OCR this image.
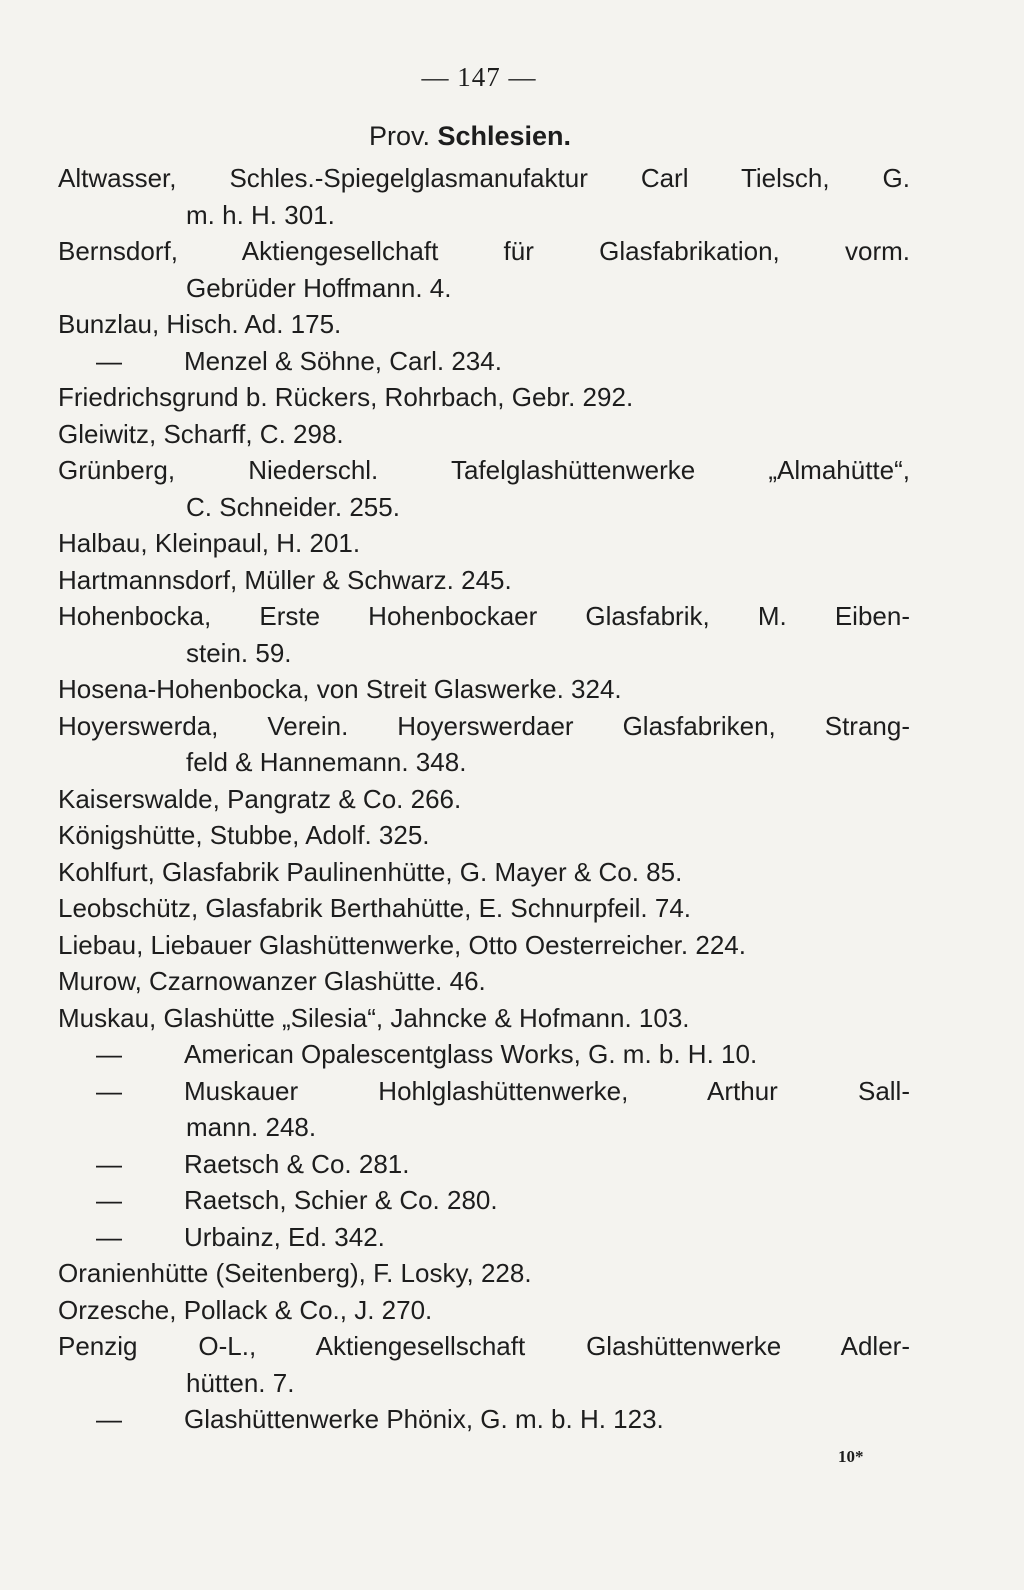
— 147 —
Prov. Schlesien.

Altwasser, Schles.-Spiegelglasmanufaktur Carl Tielsch, G.

m. h. H. 301.

Bernsdorf, Aktiengesellchaft für Glasfabrikation, vorm.

Gebrüder Hoffmann. 4.

Bunzlau, Hisch. Ad. 175.

—	Menzel & Söhne, Carl. 234.

Friedrichsgrund b. Rückers, Rohrbach, Gebr. 292.

Gleiwitz, Scharff, C. 298.

Grünberg, Niederschl. Tafelglashüttenwerke „Almahütte“,

C. Schneider. 255.

Halbau, Kleinpaul, H. 201.

Hartmannsdorf, Müller & Schwarz. 245.

Hohenbocka, Erste Hohenbockaer Glasfabrik, M. Eiben-

stein. 59.

Hosena-Hohenbocka, von Streit Glaswerke. 324.

Hoyerswerda, Verein. Hoyerswerdaer Glasfabriken, Strang-

feld & Hannemann. 348.

Kaiserswalde, Pangratz & Co. 266.

Königshütte, Stubbe, Adolf. 325.

Kohlfurt, Glasfabrik Paulinenhütte, G. Mayer & Co. 85.

Leobschütz, Glasfabrik Berthahütte, E. Schnurpfeil. 74.

Liebau, Liebauer Glashüttenwerke, Otto Oesterreicher. 224.

Murow, Czarnowanzer Glashütte. 46.

Muskau, Glashütte „Silesia“, Jahncke & Hofmann. 103.

—	American Opalescentglass Works, G. m. b. H. 10.
—	Muskauer Hohlglashüttenwerke, Arthur Sall-

mann. 248.

—	Raetsch & Co. 281.
—	Raetsch, Schier & Co. 280.
—	Urbainz, Ed. 342.

Oranienhütte (Seitenberg), F. Losky, 228.

Orzesche, Pollack & Co., J. 270.

Penzig O-L., Aktiengesellschaft Glashüttenwerke Adler-

hütten. 7.

—	Glashüttenwerke Phönix, G. m. b. H. 123.
10*
